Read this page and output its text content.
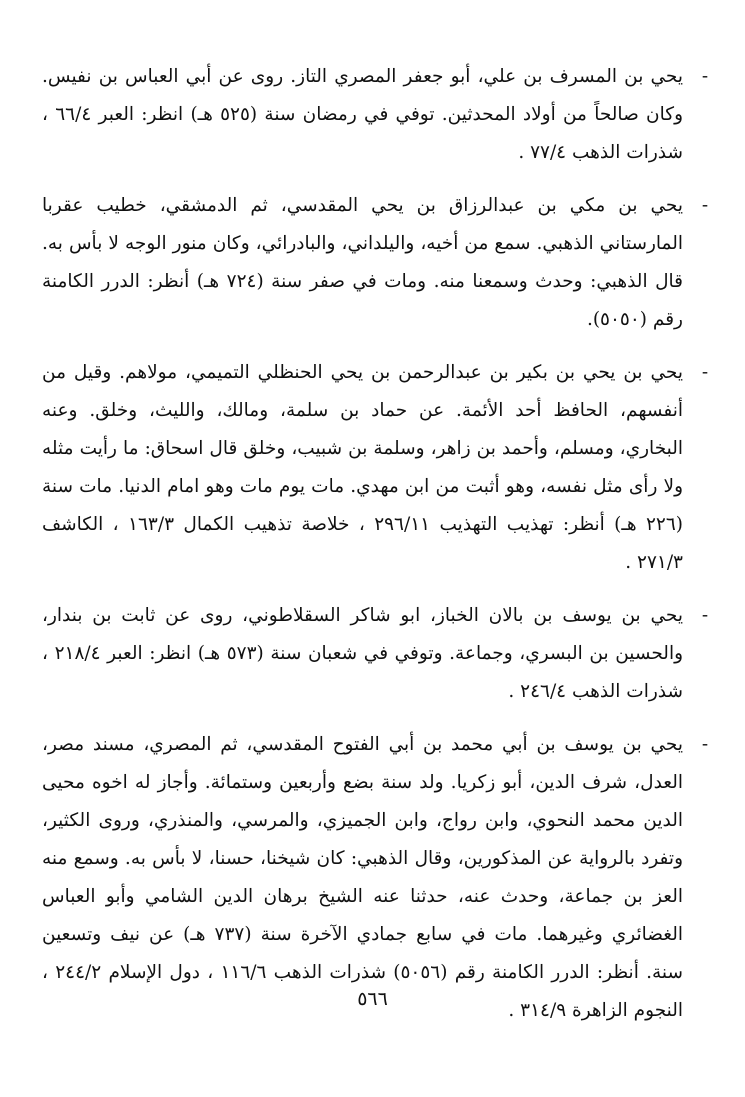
-
يحي بن المسرف بن علي، أبو جعفر المصري التاز. روى عن أبي العباس بن نفيس. وكان صالحاً من أولاد المحدثين. توفي في رمضان سنة (٥٢٥ هـ) انظر: العبر ٦٦/٤ ، شذرات الذهب ٧٧/٤ .
-
يحي بن مكي بن عبدالرزاق بن يحي المقدسي، ثم الدمشقي، خطيب عقربا المارستاني الذهبي. سمع من أخيه، واليلداني، والبادرائي، وكان منور الوجه لا بأس به. قال الذهبي: وحدث وسمعنا منه. ومات في صفر سنة (٧٢٤ هـ) أنظر: الدرر الكامنة رقم (٥٠٥٠).
-
يحي بن يحي بن بكير بن عبدالرحمن بن يحي الحنظلي التميمي، مولاهم. وقيل من أنفسهم، الحافظ أحد الأئمة. عن حماد بن سلمة، ومالك، والليث، وخلق. وعنه البخاري، ومسلم، وأحمد بن زاهر، وسلمة بن شبيب، وخلق قال اسحاق: ما رأيت مثله ولا رأى مثل نفسه، وهو أثبت من ابن مهدي. مات يوم مات وهو امام الدنيا. مات سنة (٢٢٦ هـ) أنظر: تهذيب التهذيب ٢٩٦/١١ ، خلاصة تذهيب الكمال ١٦٣/٣ ، الكاشف ٢٧١/٣ .
-
يحي بن يوسف بن بالان الخباز، ابو شاكر السقلاطوني، روى عن ثابت بن بندار، والحسين بن البسري، وجماعة. وتوفي في شعبان سنة (٥٧٣ هـ) انظر: العبر ٢١٨/٤ ، شذرات الذهب ٢٤٦/٤ .
-
يحي بن يوسف بن أبي محمد بن أبي الفتوح المقدسي، ثم المصري، مسند مصر، العدل، شرف الدين، أبو زكريا. ولد سنة بضع وأربعين وستمائة. وأجاز له اخوه محيى الدين محمد النحوي، وابن رواج، وابن الجميزي، والمرسي، والمنذري، وروى الكثير، وتفرد بالرواية عن المذكورين، وقال الذهبي: كان شيخنا، حسنا، لا بأس به. وسمع منه العز بن جماعة، وحدث عنه، حدثنا عنه الشيخ برهان الدين الشامي وأبو العباس الغضائري وغيرهما. مات في سابع جمادي الآخرة سنة (٧٣٧ هـ) عن نيف وتسعين سنة. أنظر: الدرر الكامنة رقم (٥٠٥٦) شذرات الذهب ١١٦/٦ ، دول الإسلام ٢٤٤/٢ ، النجوم الزاهرة ٣١٤/٩ .
٥٦٦
